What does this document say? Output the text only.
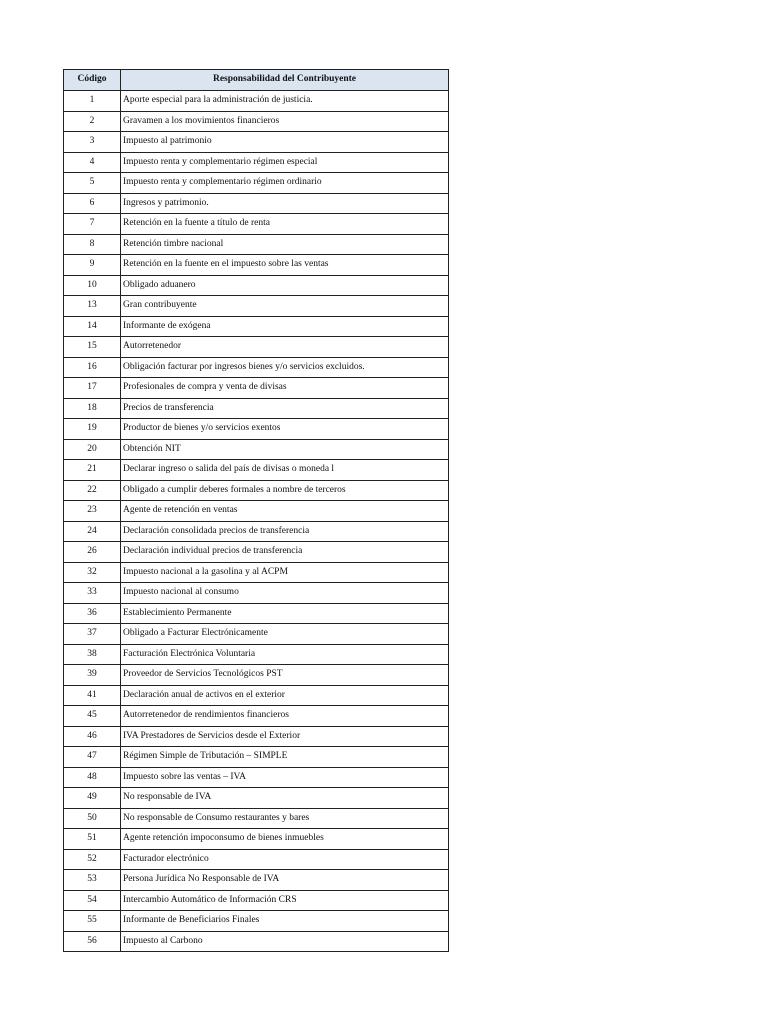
Código	Responsabilidad del Contribuyente
1	Aporte especial para la administración de justicia.
2	Gravamen a los movimientos financieros
3	Impuesto al patrimonio
4	Impuesto renta y complementario régimen especial
5	Impuesto renta y complementario régimen ordinario
6	Ingresos y patrimonio.
7	Retención en la fuente a título de renta
8	Retención timbre nacional
9	Retención en la fuente en el impuesto sobre las ventas
10	Obligado aduanero
13	Gran contribuyente
14	Informante de exógena
15	Autorretenedor
16	Obligación facturar por ingresos bienes y/o servicios excluidos.
17	Profesionales de compra y venta de divisas
18	Precios de transferencia
19	Productor de bienes y/o servicios exentos
20	Obtención NIT
21	Declarar ingreso o salida del país de divisas o moneda l
22	Obligado a cumplir deberes formales a nombre de terceros
23	Agente de retención en ventas
24	Declaración consolidada precios de transferencia
26	Declaración individual precios de transferencia
32	Impuesto nacional a la gasolina y al ACPM
33	Impuesto nacional al consumo
36	Establecimiento Permanente
37	Obligado a Facturar Electrónicamente
38	Facturación Electrónica Voluntaria
39	Proveedor de Servicios Tecnológicos PST
41	Declaración anual de activos en el exterior
45	Autorretenedor de rendimientos financieros
46	IVA Prestadores de Servicios desde el Exterior
47	Régimen Simple de Tributación – SIMPLE
48	Impuesto sobre las ventas – IVA
49	No responsable de IVA
50	No responsable de Consumo restaurantes y bares
51	Agente retención impoconsumo de bienes inmuebles
52	Facturador electrónico
53	Persona Jurídica No Responsable de IVA
54	Intercambio Automático de Información CRS
55	Informante de Beneficiarios Finales
56	Impuesto al Carbono
